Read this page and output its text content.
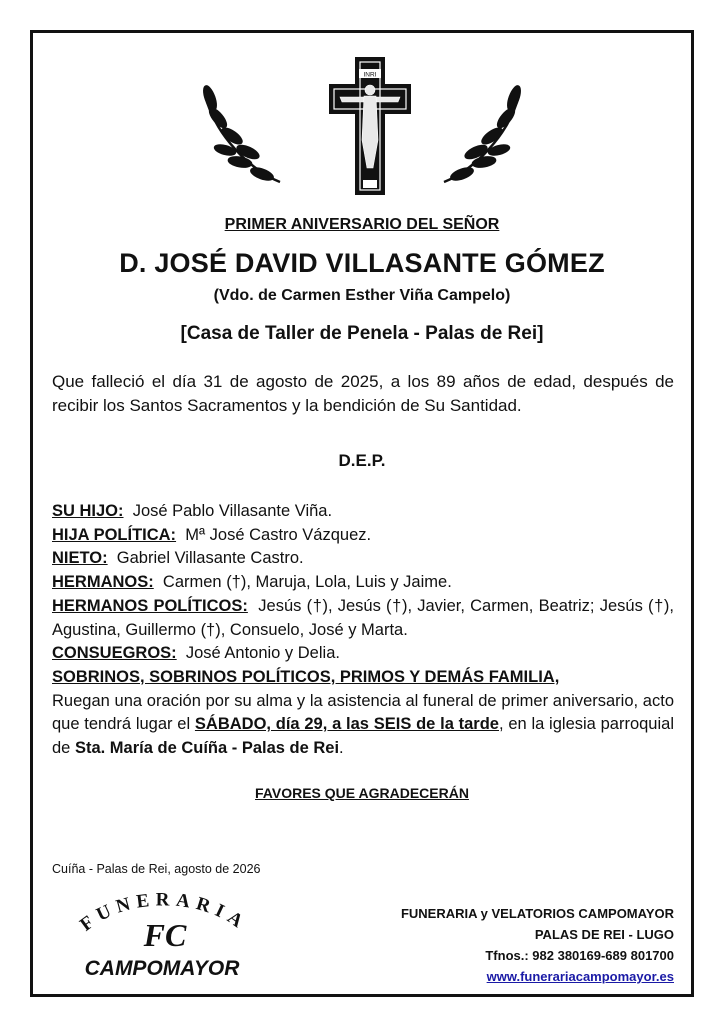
INRI
PRIMER ANIVERSARIO DEL SEÑOR
D. JOSÉ DAVID VILLASANTE GÓMEZ
(Vdo. de Carmen Esther Viña Campelo)
[Casa de Taller de Penela - Palas de Rei]
Que falleció el día 31 de agosto de 2025, a los 89 años de edad, después de recibir los Santos Sacramentos y la bendición de Su Santidad.
D.E.P.

SU HIJO: José Pablo Villasante Viña.

HIJA POLÍTICA: Mª José Castro Vázquez.

NIETO: Gabriel Villasante Castro.

HERMANOS: Carmen (†), Maruja, Lola, Luis y Jaime.

HERMANOS POLÍTICOS: Jesús (†), Jesús (†), Javier, Carmen, Beatriz; Jesús (†), Agustina, Guillermo (†), Consuelo, José y Marta.

CONSUEGROS: José Antonio y Delia.

SOBRINOS, SOBRINOS POLÍTICOS, PRIMOS Y DEMÁS FAMILIA,

Ruegan una oración por su alma y la asistencia al funeral de primer aniversario, acto que tendrá lugar el SÁBADO, día 29, a las SEIS de la tarde, en la iglesia parroquial de Sta. María de Cuíña - Palas de Rei.

FAVORES QUE AGRADECERÁN
Cuíña - Palas de Rei, agosto de 2026
FUNERARIA
FC
CAMPOMAYOR
FUNERARIA y VELATORIOS CAMPOMAYOR
PALAS DE REI - LUGO
Tfnos.: 982 380169-689 801700
www.funerariacampomayor.es
